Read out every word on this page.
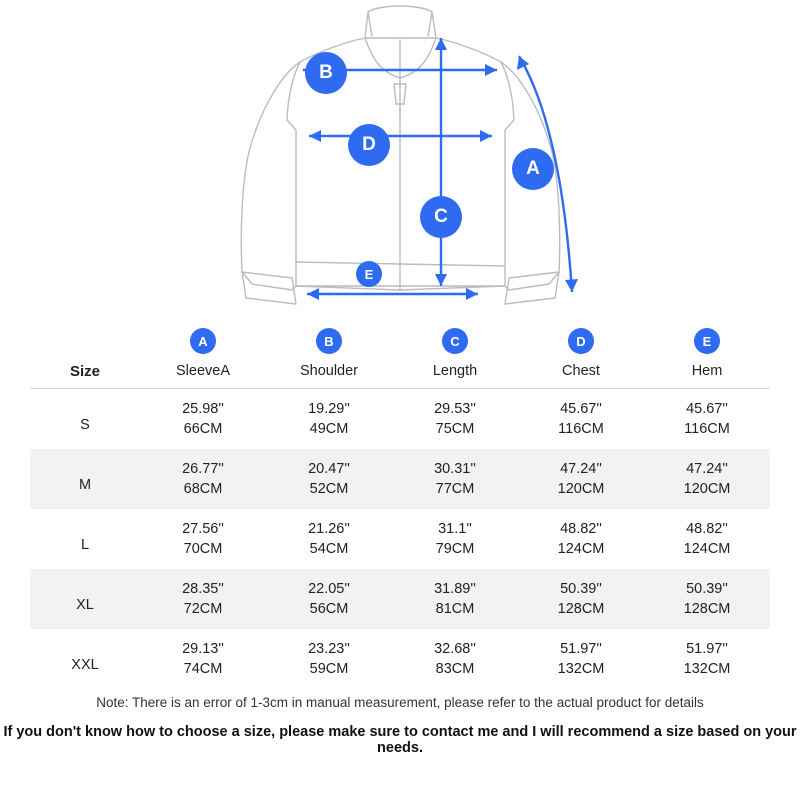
B
D
C
A
E
	A	B	C	D	E
Size	SleeveA	Shoulder	Length	Chest	Hem
S	25.98''	19.29''	29.53''	45.67''	45.67''
	66CM	49CM	75CM	116CM	116CM
M	26.77''	20.47''	30.31''	47.24''	47.24''
	68CM	52CM	77CM	120CM	120CM
L	27.56''	21.26''	31.1''	48.82''	48.82''
	70CM	54CM	79CM	124CM	124CM
XL	28.35''	22.05''	31.89''	50.39''	50.39''
	72CM	56CM	81CM	128CM	128CM
XXL	29.13''	23.23''	32.68''	51.97''	51.97''
	74CM	59CM	83CM	132CM	132CM
Note: There is an error of 1-3cm in manual measurement, please refer to the actual product for details
If you don't know how to choose a size, please make sure to contact me and I will recommend a size based on your needs.
